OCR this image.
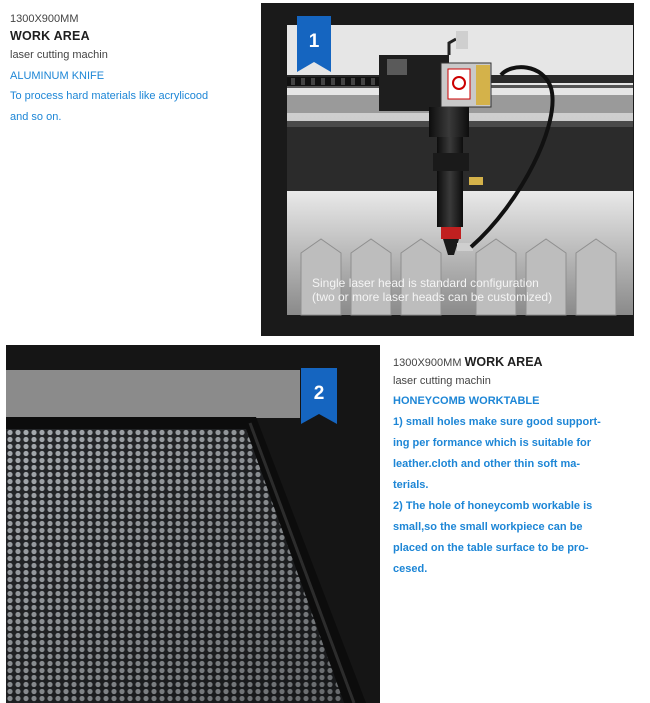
1300X900MM
WORK AREA
laser cutting machin
ALUMINUM KNIFE
To process hard materials like acrylicood
and so on.
1
Single laser head is standard configuration
(two or more laser heads can be customized)
2
1300X900MM WORK AREA
laser cutting machin
HONEYCOMB WORKTABLE
1) small holes make sure good support-
ing per formance which is suitable for
leather.cloth and other thin soft ma-
terials.
2) The hole of honeycomb workable is
small,so the small workpiece can be
placed on the table surface to be pro-
cesed.
